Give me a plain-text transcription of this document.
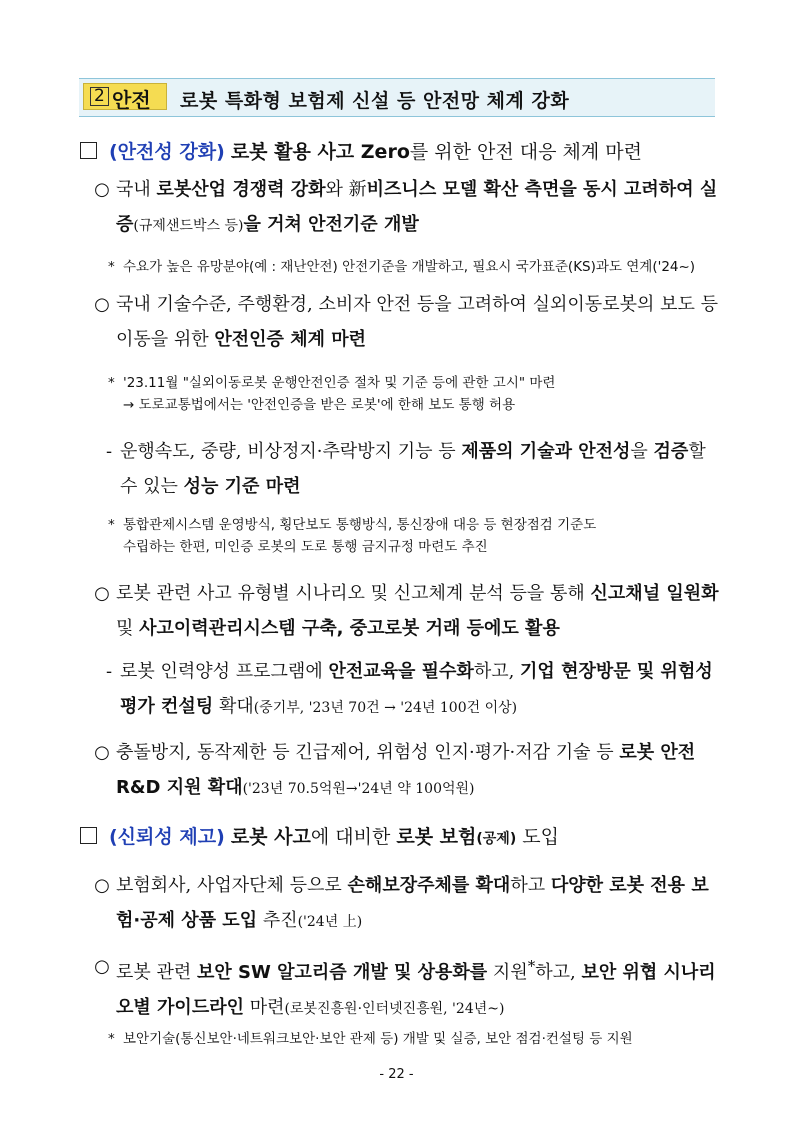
2 안전 로봇 특화형 보험제 신설 등 안전망 체계 강화
(안전성 강화) 로봇 활용 사고 Zero를 위한 안전 대응 체계 마련
○ 국내 로봇산업 경쟁력 강화와 新비즈니스 모델 확산 측면을 동시 고려하여 실증(규제샌드박스 등)을 거쳐 안전기준 개발
* 수요가 높은 유망분야(예 : 재난안전) 안전기준을 개발하고, 필요시 국가표준(KS)과도 연계('24~)
○ 국내 기술수준, 주행환경, 소비자 안전 등을 고려하여 실외이동로봇의 보도 등 이동을 위한 안전인증 체계 마련
* '23.11월 "실외이동로봇 운행안전인증 절차 및 기준 등에 관한 고시" 마련
→ 도로교통법에서는 '안전인증을 받은 로봇'에 한해 보도 통행 허용
- 운행속도, 중량, 비상정지·추락방지 기능 등 제품의 기술과 안전성을 검증할 수 있는 성능 기준 마련
* 통합관제시스템 운영방식, 횡단보도 통행방식, 통신장애 대응 등 현장점검 기준도
수립하는 한편, 미인증 로봇의 도로 통행 금지규정 마련도 추진
○ 로봇 관련 사고 유형별 시나리오 및 신고체계 분석 등을 통해 신고채널 일원화 및 사고이력관리시스템 구축, 중고로봇 거래 등에도 활용
- 로봇 인력양성 프로그램에 안전교육을 필수화하고, 기업 현장방문 및 위험성 평가 컨설팅 확대(중기부, '23년 70건 → '24년 100건 이상)
○ 충돌방지, 동작제한 등 긴급제어, 위험성 인지·평가·저감 기술 등 로봇 안전 R&D 지원 확대('23년 70.5억원→'24년 약 100억원)
(신뢰성 제고) 로봇 사고에 대비한 로봇 보험(공제) 도입
○ 보험회사, 사업자단체 등으로 손해보장주체를 확대하고 다양한 로봇 전용 보험·공제 상품 도입 추진('24년 上)
○ 로봇 관련 보안 SW 알고리즘 개발 및 상용화를 지원*하고, 보안 위협 시나리오별 가이드라인 마련(로봇진흥원·인터넷진흥원, '24년~)
* 보안기술(통신보안·네트워크보안·보안 관제 등) 개발 및 실증, 보안 점검·컨설팅 등 지원
- 22 -
